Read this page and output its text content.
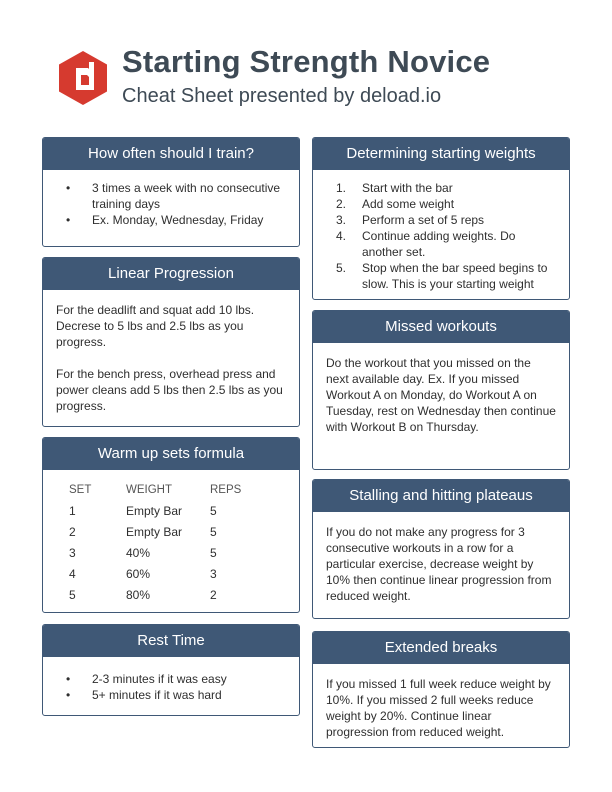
Starting Strength Novice
Cheat Sheet presented by deload.io
How often should I train?
• 3 times a week with no consecutive training days
• Ex. Monday, Wednesday, Friday
Linear Progression

For the deadlift and squat add 10 lbs. Decrese to 5 lbs and 2.5 lbs as you progress.

For the bench press, overhead press and power cleans add 5 lbs then 2.5 lbs as you progress.

Warm up sets formula
SET	WEIGHT	REPS
1	Empty Bar	5
2	Empty Bar	5
3	40%	5
4	60%	3
5	80%	2
Rest Time
• 2-3 minutes if it was easy
• 5+ minutes if it was hard
Determining starting weights
1. Start with the bar
2. Add some weight
3. Perform a set of 5 reps
4. Continue adding weights. Do another set.
5. Stop when the bar speed begins to slow. This is your starting weight
Missed workouts

Do the workout that you missed on the next available day. Ex. If you missed Workout A on Monday, do Workout A on Tuesday, rest on Wednesday then continue with Workout B on Thursday.

Stalling and hitting plateaus

If you do not make any progress for 3 consecutive workouts in a row for a particular exercise, decrease weight by 10% then continue linear progression from reduced weight.

Extended breaks

If you missed 1 full week reduce weight by 10%. If you missed 2 full weeks reduce weight by 20%. Continue linear progression from reduced weight.
